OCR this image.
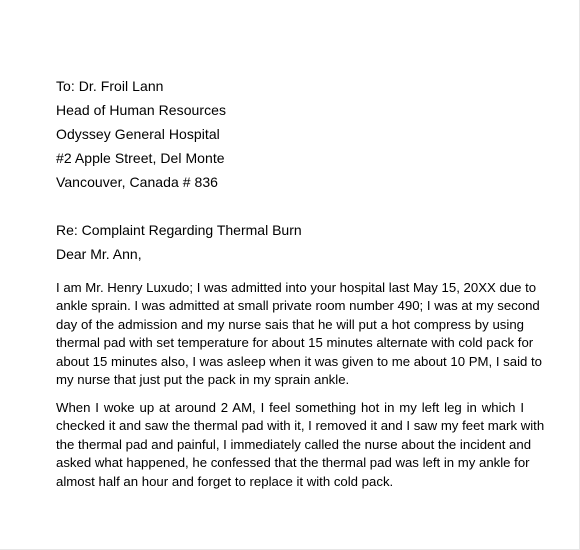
To: Dr. Froil Lann
Head of Human Resources
Odyssey General Hospital
#2 Apple Street, Del Monte
Vancouver, Canada # 836
Re: Complaint Regarding Thermal Burn
Dear Mr. Ann,
I am Mr. Henry Luxudo; I was admitted into your hospital last May 15, 20XX due to
ankle sprain. I was admitted at small private room number 490; I was at my second
day of the admission and my nurse sais that he will put a hot compress by using
thermal pad with set temperature for about 15 minutes alternate with cold pack for
about 15 minutes also, I was asleep when it was given to me about 10 PM, I said to
my nurse that just put the pack in my sprain ankle.
When I woke up at around 2 AM, I feel something hot in my left leg in which I
checked it and saw the thermal pad with it, I removed it and I saw my feet mark with
the thermal pad and painful, I immediately called the nurse about the incident and
asked what happened, he confessed that the thermal pad was left in my ankle for
almost half an hour and forget to replace it with cold pack.
